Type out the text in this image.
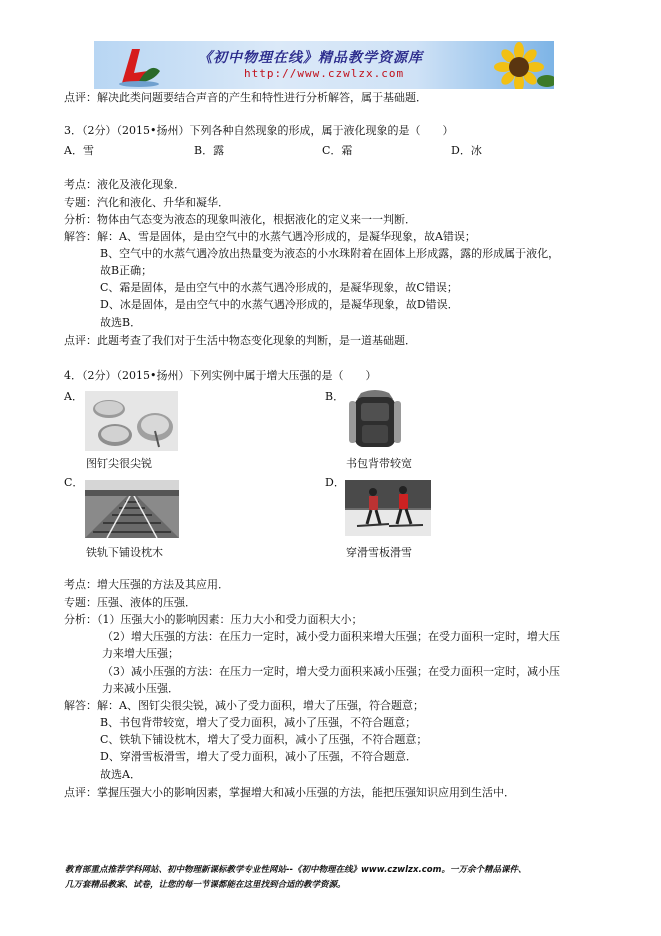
《初中物理在线》精品教学资源库
http://www.czwlzx.com
点评：解决此类问题要结合声音的产生和特性进行分析解答，属于基础题．
3．（2分）（2015•扬州）下列各种自然现象的形成，属于液化现象的是（　　）
A．雪	B．露	C．霜	D．冰
考点：液化及液化现象．
专题：汽化和液化、升华和凝华．
分析：物体由气态变为液态的现象叫液化，根据液化的定义来一一判断．
解答：解：A、雪是固体，是由空气中的水蒸气遇冷形成的，是凝华现象，故A错误；
B、空气中的水蒸气遇冷放出热量变为液态的小水珠附着在固体上形成露，露的形成属于液化，
故B正确；
C、霜是固体，是由空气中的水蒸气遇冷形成的，是凝华现象，故C错误；
D、冰是固体，是由空气中的水蒸气遇冷形成的，是凝华现象，故D错误．
故选B．
点评：此题考查了我们对于生活中物态变化现象的判断，是一道基础题．
4．（2分）（2015•扬州）下列实例中属于增大压强的是（　　）
A．
图钉尖很尖锐
B．
书包背带较宽
C．
铁轨下铺设枕木
D．
穿滑雪板滑雪
考点：增大压强的方法及其应用．
专题：压强、液体的压强．
分析：（1）压强大小的影响因素：压力大小和受力面积大小；
（2）增大压强的方法：在压力一定时，减小受力面积来增大压强；在受力面积一定时，增大压
力来增大压强；
（3）减小压强的方法：在压力一定时，增大受力面积来减小压强；在受力面积一定时，减小压
力来减小压强．
解答：解：A、图钉尖很尖锐，减小了受力面积，增大了压强，符合题意；
B、书包背带较宽，增大了受力面积，减小了压强，不符合题意；
C、铁轨下铺设枕木，增大了受力面积，减小了压强，不符合题意；
D、穿滑雪板滑雪，增大了受力面积，减小了压强，不符合题意．
故选A．
点评：掌握压强大小的影响因素，掌握增大和减小压强的方法，能把压强知识应用到生活中．
教育部重点推荐学科网站、初中物理新课标教学专业性网站--《初中物理在线》www.czwlzx.com。一万余个精品课件、
几万套精品教案、试卷，让您的每一节课都能在这里找到合适的教学资源。
